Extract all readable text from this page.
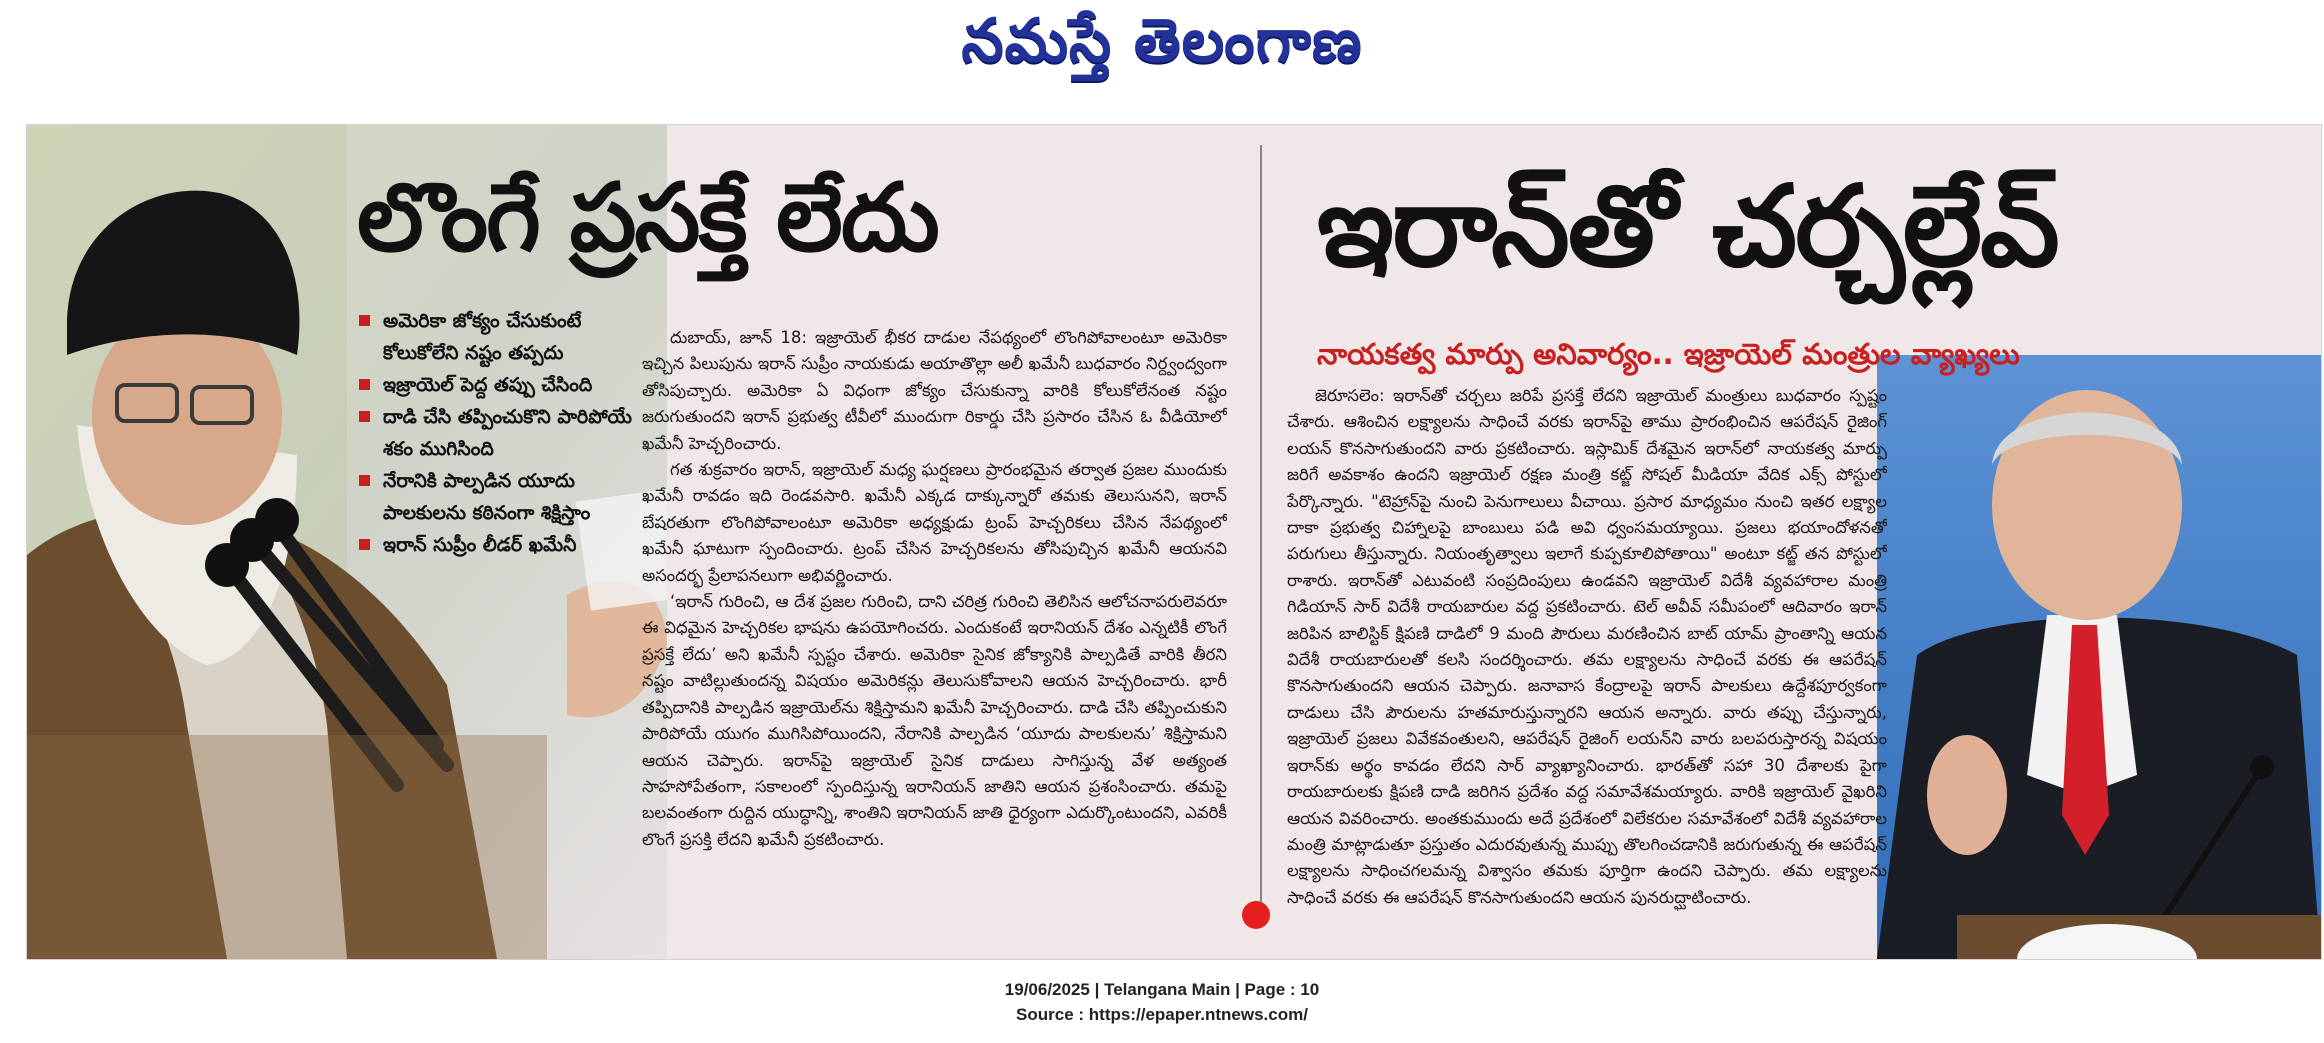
నమస్తే తెలంగాణ
లొంగే ప్రసక్తే లేదు
అమెరికా జోక్యం చేసుకుంటే కోలుకోలేని నష్టం తప్పదు
ఇజ్రాయెల్ పెద్ద తప్పు చేసింది
దాడి చేసి తప్పించుకొని పారిపోయే శకం ముగిసింది
నేరానికి పాల్పడిన యూదు పాలకులను కఠినంగా శిక్షిస్తాం
ఇరాన్ సుప్రీం లీడర్ ఖమేనీ

దుబాయ్, జూన్ 18: ఇజ్రాయెల్ భీకర దాడుల నేపథ్యంలో లొంగిపోవాలంటూ అమెరికా ఇచ్చిన పిలుపును ఇరాన్ సుప్రీం నాయకుడు అయాతొల్లా అలీ ఖమేనీ బుధవారం నిర్ద్వంద్వంగా తోసిపుచ్చారు. అమెరికా ఏ విధంగా జోక్యం చేసుకున్నా వారికి కోలుకోలేనంత నష్టం జరుగుతుందని ఇరాన్ ప్రభుత్వ టీవీలో ముందుగా రికార్డు చేసి ప్రసారం చేసిన ఓ వీడియోలో ఖమేనీ హెచ్చరించారు.

గత శుక్రవారం ఇరాన్, ఇజ్రాయెల్ మధ్య ఘర్షణలు ప్రారంభమైన తర్వాత ప్రజల ముందుకు ఖమేనీ రావడం ఇది రెండవసారి. ఖమేనీ ఎక్కడ దాక్కున్నారో తమకు తెలుసునని, ఇరాన్ బేషరతుగా లొంగిపోవాలంటూ అమెరికా అధ్యక్షుడు ట్రంప్ హెచ్చరికలు చేసిన నేపథ్యంలో ఖమేనీ ఘాటుగా స్పందించారు. ట్రంప్ చేసిన హెచ్చరికలను తోసిపుచ్చిన ఖమేనీ ఆయనవి అసందర్భ ప్రేలాపనలుగా అభివర్ణించారు.

‘ఇరాన్ గురించి, ఆ దేశ ప్రజల గురించి, దాని చరిత్ర గురించి తెలిసిన ఆలోచనాపరులెవరూ ఈ విధమైన హెచ్చరికల భాషను ఉపయోగించరు. ఎందుకంటే ఇరానియన్ దేశం ఎన్నటికీ లొంగే ప్రసక్తే లేదు’ అని ఖమేనీ స్పష్టం చేశారు. అమెరికా సైనిక జోక్యానికి పాల్పడితే వారికి తీరని నష్టం వాటిల్లుతుందన్న విషయం అమెరికన్లు తెలుసుకోవాలని ఆయన హెచ్చరించారు. భారీ తప్పిదానికి పాల్పడిన ఇజ్రాయెల్‌ను శిక్షిస్తామని ఖమేనీ హెచ్చరించారు. దాడి చేసి తప్పించుకుని పారిపోయే యుగం ముగిసిపోయిందని, నేరానికి పాల్పడిన ‘యూదు పాలకులను’ శిక్షిస్తామని ఆయన చెప్పారు. ఇరాన్‌పై ఇజ్రాయెల్ సైనిక దాడులు సాగిస్తున్న వేళ అత్యంత సాహసోపేతంగా, సకాలంలో స్పందిస్తున్న ఇరానియన్ జాతిని ఆయన ప్రశంసించారు. తమపై బలవంతంగా రుద్దిన యుద్ధాన్ని, శాంతిని ఇరానియన్ జాతి ధైర్యంగా ఎదుర్కొంటుందని, ఎవరికీ లొంగే ప్రసక్తి లేదని ఖమేనీ ప్రకటించారు.

ఇరాన్‌తో చర్చల్లేవ్
నాయకత్వ మార్పు అనివార్యం.. ఇజ్రాయెల్ మంత్రుల వ్యాఖ్యలు

జెరూసలెం: ఇరాన్‌తో చర్చలు జరిపే ప్రసక్తే లేదని ఇజ్రాయెల్ మంత్రులు బుధవారం స్పష్టం చేశారు. ఆశించిన లక్ష్యాలను సాధించే వరకు ఇరాన్‌పై తాము ప్రారంభించిన ఆపరేషన్ రైజింగ్ లయన్ కొనసాగుతుందని వారు ప్రకటించారు. ఇస్లామిక్ దేశమైన ఇరాన్‌లో నాయకత్వ మార్పు జరిగే అవకాశం ఉందని ఇజ్రాయెల్ రక్షణ మంత్రి కట్జ్ సోషల్ మీడియా వేదిక ఎక్స్ పోస్టులో పేర్కొన్నారు. "టెహ్రాన్‌పై నుంచి పెనుగాలులు వీచాయి. ప్రసార మాధ్యమం నుంచి ఇతర లక్ష్యాల దాకా ప్రభుత్వ చిహ్నాలపై బాంబులు పడి అవి ధ్వంసమయ్యాయి. ప్రజలు భయాందోళనతో పరుగులు తీస్తున్నారు. నియంతృత్వాలు ఇలాగే కుప్పకూలిపోతాయి" అంటూ కట్జ్ తన పోస్టులో రాశారు. ఇరాన్‌తో ఎటువంటి సంప్రదింపులు ఉండవని ఇజ్రాయెల్ విదేశీ వ్యవహారాల మంత్రి గిడియాన్ సార్ విదేశీ రాయబారుల వద్ద ప్రకటించారు. టెల్ అవీవ్ సమీపంలో ఆదివారం ఇరాన్ జరిపిన బాలిస్టిక్ క్షిపణి దాడిలో 9 మంది పౌరులు మరణించిన బాట్ యామ్ ప్రాంతాన్ని ఆయన విదేశీ రాయబారులతో కలసి సందర్శించారు. తమ లక్ష్యాలను సాధించే వరకు ఈ ఆపరేషన్ కొనసాగుతుందని ఆయన చెప్పారు. జనావాస కేంద్రాలపై ఇరాన్ పాలకులు ఉద్దేశపూర్వకంగా దాడులు చేసి పౌరులను హతమారుస్తున్నారని ఆయన అన్నారు. వారు తప్పు చేస్తున్నారు, ఇజ్రాయెల్ ప్రజలు వివేకవంతులని, ఆపరేషన్ రైజింగ్ లయన్‌ని వారు బలపరుస్తారన్న విషయం ఇరాన్‌కు అర్థం కావడం లేదని సార్ వ్యాఖ్యానించారు. భారత్‌తో సహా 30 దేశాలకు పైగా రాయబారులకు క్షిపణి దాడి జరిగిన ప్రదేశం వద్ద సమావేశమయ్యారు. వారికి ఇజ్రాయెల్ వైఖరిని ఆయన వివరించారు. అంతకుముందు అదే ప్రదేశంలో విలేకరుల సమావేశంలో విదేశీ వ్యవహారాల మంత్రి మాట్లాడుతూ ప్రస్తుతం ఎదురవుతున్న ముప్పు తొలగించడానికి జరుగుతున్న ఈ ఆపరేషన్ లక్ష్యాలను సాధించగలమన్న విశ్వాసం తమకు పూర్తిగా ఉందని చెప్పారు. తమ లక్ష్యాలను సాధించే వరకు ఈ ఆపరేషన్ కొనసాగుతుందని ఆయన పునరుద్ఘాటించారు.

19/06/2025 | Telangana Main | Page : 10
Source : https://epaper.ntnews.com/
